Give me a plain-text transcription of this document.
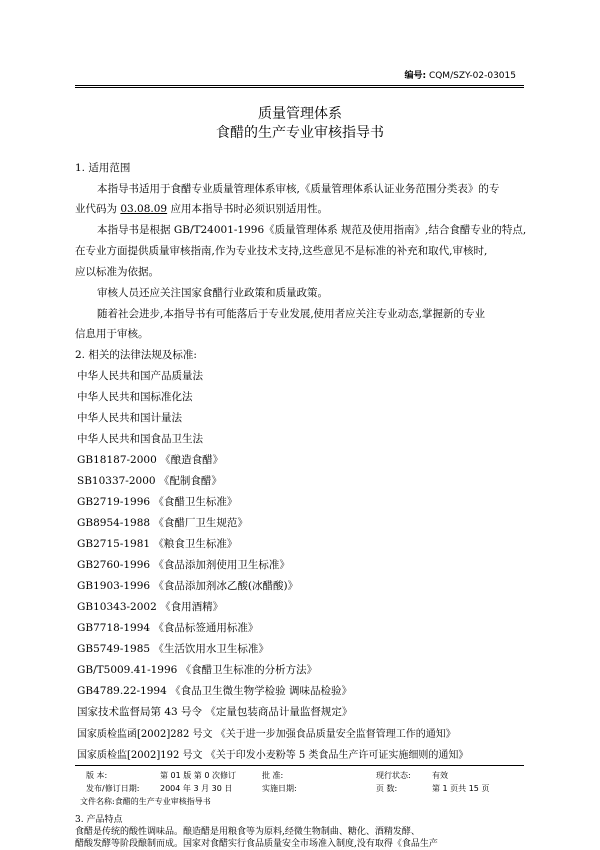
编号: CQM/SZY-02-03015
质量管理体系
食醋的生产专业审核指导书
1. 适用范围
本指导书适用于食醋专业质量管理体系审核,《质量管理体系认证业务范围分类表》的专
业代码为 03.08.09 应用本指导书时必须识别适用性。
本指导书是根据 GB/T24001-1996《质量管理体系 规范及使用指南》,结合食醋专业的特点,
在专业方面提供质量审核指南,作为专业技术支持,这些意见不是标准的补充和取代,审核时,
应以标准为依据。
审核人员还应关注国家食醋行业政策和质量政策。
随着社会进步,本指导书有可能落后于专业发展,使用者应关注专业动态,掌握新的专业
信息用于审核。
2. 相关的法律法规及标准:
中华人民共和国产品质量法
中华人民共和国标准化法
中华人民共和国计量法
中华人民共和国食品卫生法
GB18187-2000 《酿造食醋》
SB10337-2000 《配制食醋》
GB2719-1996 《食醋卫生标准》
GB8954-1988 《食醋厂卫生规范》
GB2715-1981 《粮食卫生标准》
GB2760-1996 《食品添加剂使用卫生标准》
GB1903-1996 《食品添加剂冰乙酸(冰醋酸)》
GB10343-2002 《食用酒精》
GB7718-1994 《食品标签通用标准》
GB5749-1985 《生活饮用水卫生标准》
GB/T5009.41-1996 《食醋卫生标准的分析方法》
GB4789.22-1994 《食品卫生微生物学检验 调味品检验》
国家技术监督局第 43 号令 《定量包装商品计量监督规定》
国家质检监函[2002]282 号文 《关于进一步加强食品质量安全监督管理工作的通知》
国家质检监[2002]192 号文 《关于印发小麦粉等 5 类食品生产许可证实施细则的通知》
版 本:	第 01 版 第 0 次修订	批 准:	现行状态:	有效
发布/修订日期:	2004 年 3 月 30 日	实施日期:	页 数:	第 1 页共 15 页
文件名称:食醋的生产专业审核指导书
3. 产品特点
食醋是传统的酸性调味品。酿造醋是用粮食等为原料,经微生物制曲、糖化、酒精发酵、
醋酸发酵等阶段酿制而成。国家对食醋实行食品质量安全市场准入制度,没有取得《食品生产
